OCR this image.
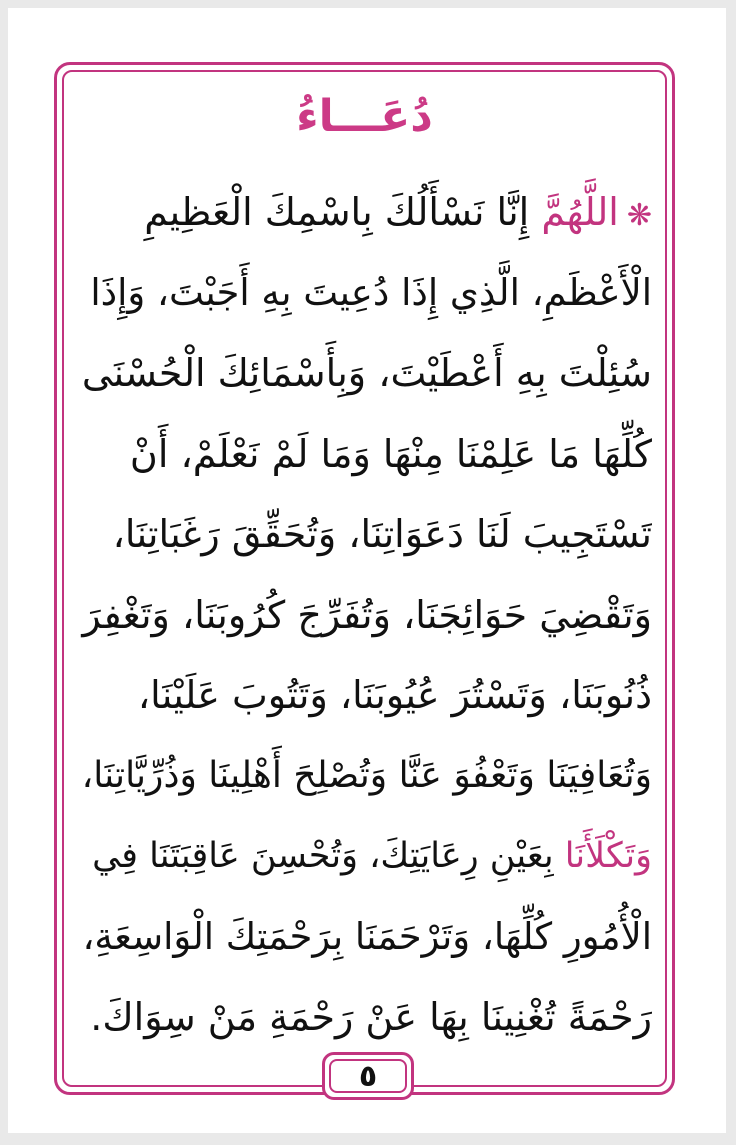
دُعَـــاءُ
❋اللَّهُمَّ إِنَّا نَسْأَلُكَ بِاسْمِكَ الْعَظِيمِ
الْأَعْظَمِ، الَّذِي إِذَا دُعِيتَ بِهِ أَجَبْتَ، وَإِذَا
سُئِلْتَ بِهِ أَعْطَيْتَ، وَبِأَسْمَائِكَ الْحُسْنَى
كُلِّهَا مَا عَلِمْنَا مِنْهَا وَمَا لَمْ نَعْلَمْ، أَنْ
تَسْتَجِيبَ لَنَا دَعَوَاتِنَا، وَتُحَقِّقَ رَغَبَاتِنَا،
وَتَقْضِيَ حَوَائِجَنَا، وَتُفَرِّجَ كُرُوبَنَا، وَتَغْفِرَ
ذُنُوبَنَا، وَتَسْتُرَ عُيُوبَنَا، وَتَتُوبَ عَلَيْنَا،
وَتُعَافِيَنَا وَتَعْفُوَ عَنَّا وَتُصْلِحَ أَهْلِينَا وَذُرِّيَّاتِنَا،
وَتَكْلَأَنَا بِعَيْنِ رِعَايَتِكَ، وَتُحْسِنَ عَاقِبَتَنَا فِي
الْأُمُورِ كُلِّهَا، وَتَرْحَمَنَا بِرَحْمَتِكَ الْوَاسِعَةِ،
رَحْمَةً تُغْنِينَا بِهَا عَنْ رَحْمَةِ مَنْ سِوَاكَ.
٥
